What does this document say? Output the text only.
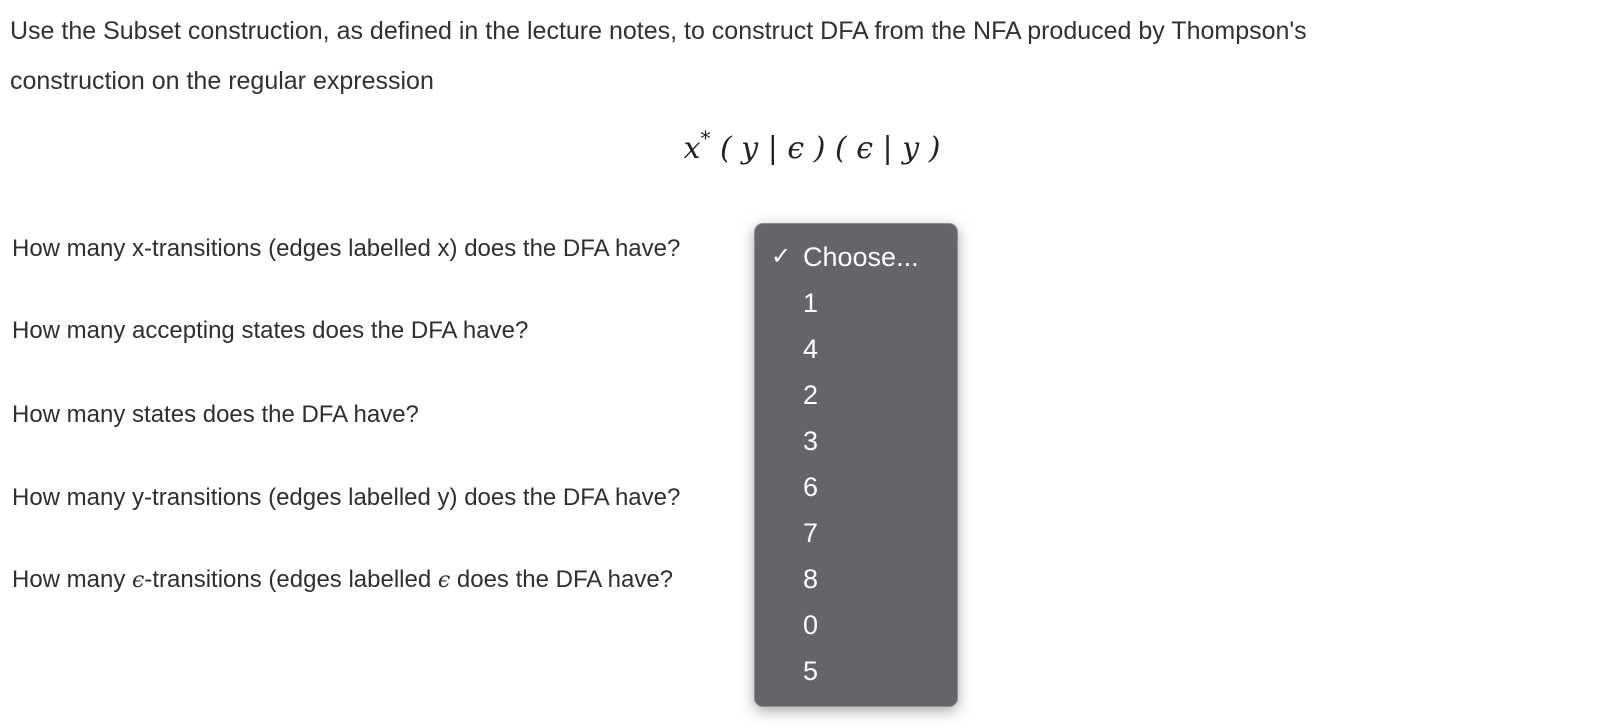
Use the Subset construction, as defined in the lecture notes, to construct DFA from the NFA produced by Thompson's
construction on the regular expression

x* ( y | ϵ ) ( ϵ | y )
How many x-transitions (edges labelled x) does the DFA have?
How many accepting states does the DFA have?
How many states does the DFA have?
How many y-transitions (edges labelled y) does the DFA have?
How many ϵ-transitions (edges labelled ϵ does the DFA have?
✓ Choose...
1
4
2
3
6
7
8
0
5
